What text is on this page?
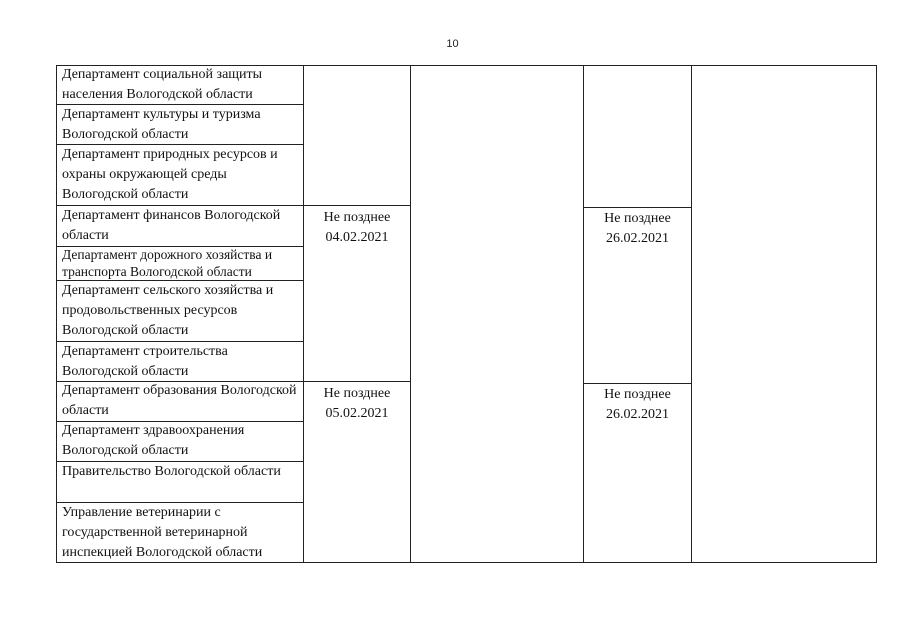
10
Департамент социальной защиты населения Вологодской области
Департамент культуры и туризма Вологодской области
Департамент природных ресурсов и охраны окружающей среды Вологодской области
Департамент финансов Вологодской области
Департамент дорожного хозяйства и транспорта Вологодской области
Департамент сельского хозяйства и продовольственных ресурсов Вологодской области
Департамент строительства Вологодской области
Департамент образования Вологодской области
Департамент здравоохранения Вологодской области
Правительство Вологодской области
Управление ветеринарии с государственной ветеринарной инспекцией Вологодской области
Не позднее 04.02.2021
Не позднее 05.02.2021
Не позднее 26.02.2021
Не позднее 26.02.2021
